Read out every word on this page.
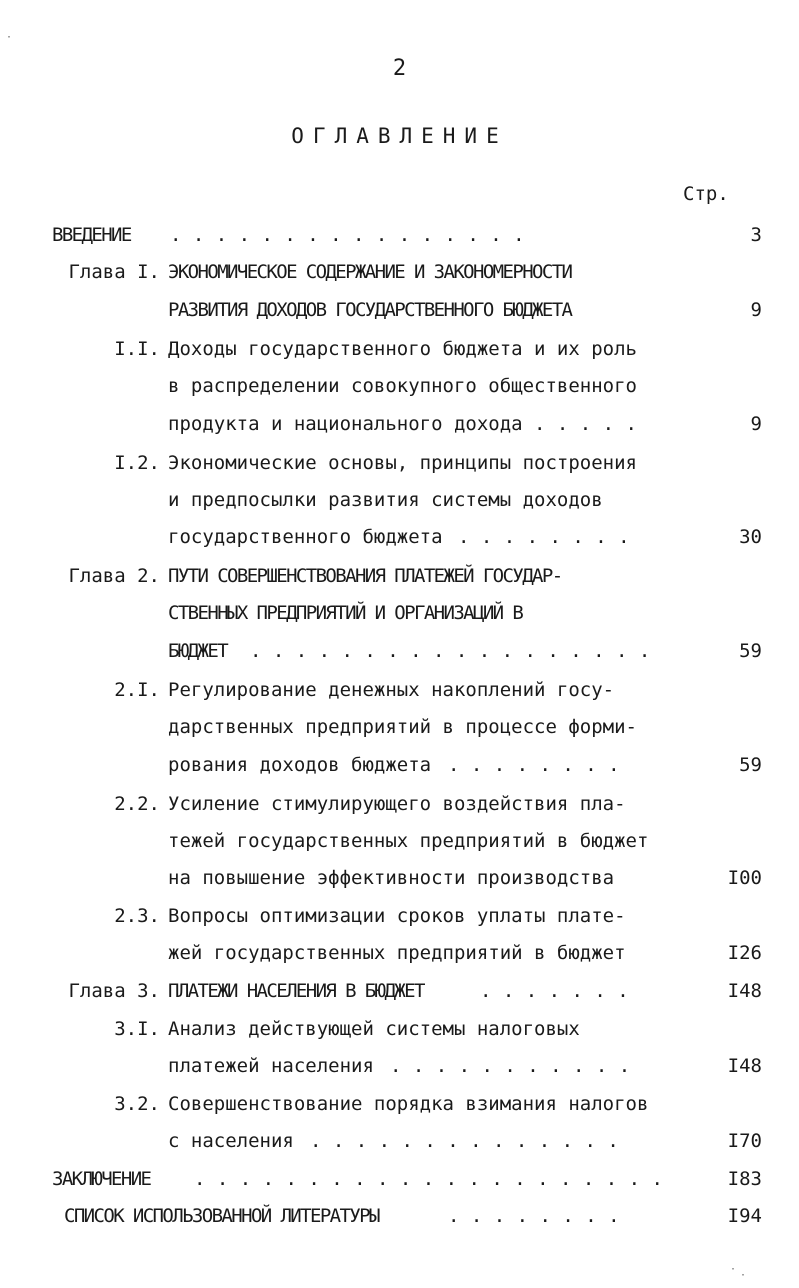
2
ОГЛАВЛЕНИЕ
Стр.
ВВЕДЕНИЕ . . . . . . . . . . . . . . . .	3
Глава I. ЭКОНОМИЧЕСКОЕ СОДЕРЖАНИЕ И ЗАКОНОМЕРНОСТИ
РАЗВИТИЯ ДОХОДОВ ГОСУДАРСТВЕННОГО БЮДЖЕТА	9
I.I. Доходы государственного бюджета и их роль
в распределении совокупного общественного
продукта и национального дохода . . . . .	9
I.2. Экономические основы, принципы построения
и предпосылки развития системы доходов
государственного бюджета . . . . . . . .	30
Глава 2. ПУТИ СОВЕРШЕНСТВОВАНИЯ ПЛАТЕЖЕЙ ГОСУДАР-
СТВЕННЫХ ПРЕДПРИЯТИЙ И ОРГАНИЗАЦИЙ В
БЮДЖЕТ . . . . . . . . . . . . . . . . . .	59
2.I. Регулирование денежных накоплений госу-
дарственных предприятий в процессе форми-
рования доходов бюджета . . . . . . . .	59
2.2. Усиление стимулирующего воздействия пла-
тежей государственных предприятий в бюджет
на повышение эффективности производства	I00
2.3. Вопросы оптимизации сроков уплаты плате-
жей государственных предприятий в бюджет	I26
Глава 3. ПЛАТЕЖИ НАСЕЛЕНИЯ В БЮДЖЕТ	. . . . . . .	I48
3.I. Анализ действующей системы налоговых
платежей населения . . . . . . . . . . .	I48
3.2. Совершенствование порядка взимания налогов
с населения . . . . . . . . . . . . . .	I70
ЗАКЛЮЧЕНИЕ . . . . . . . . . . . . . . . . . . . . .	I83
СПИСОК ИСПОЛЬЗОВАННОЙ ЛИТЕРАТУРЫ	. . . . . . . .	I94
·
·
·
